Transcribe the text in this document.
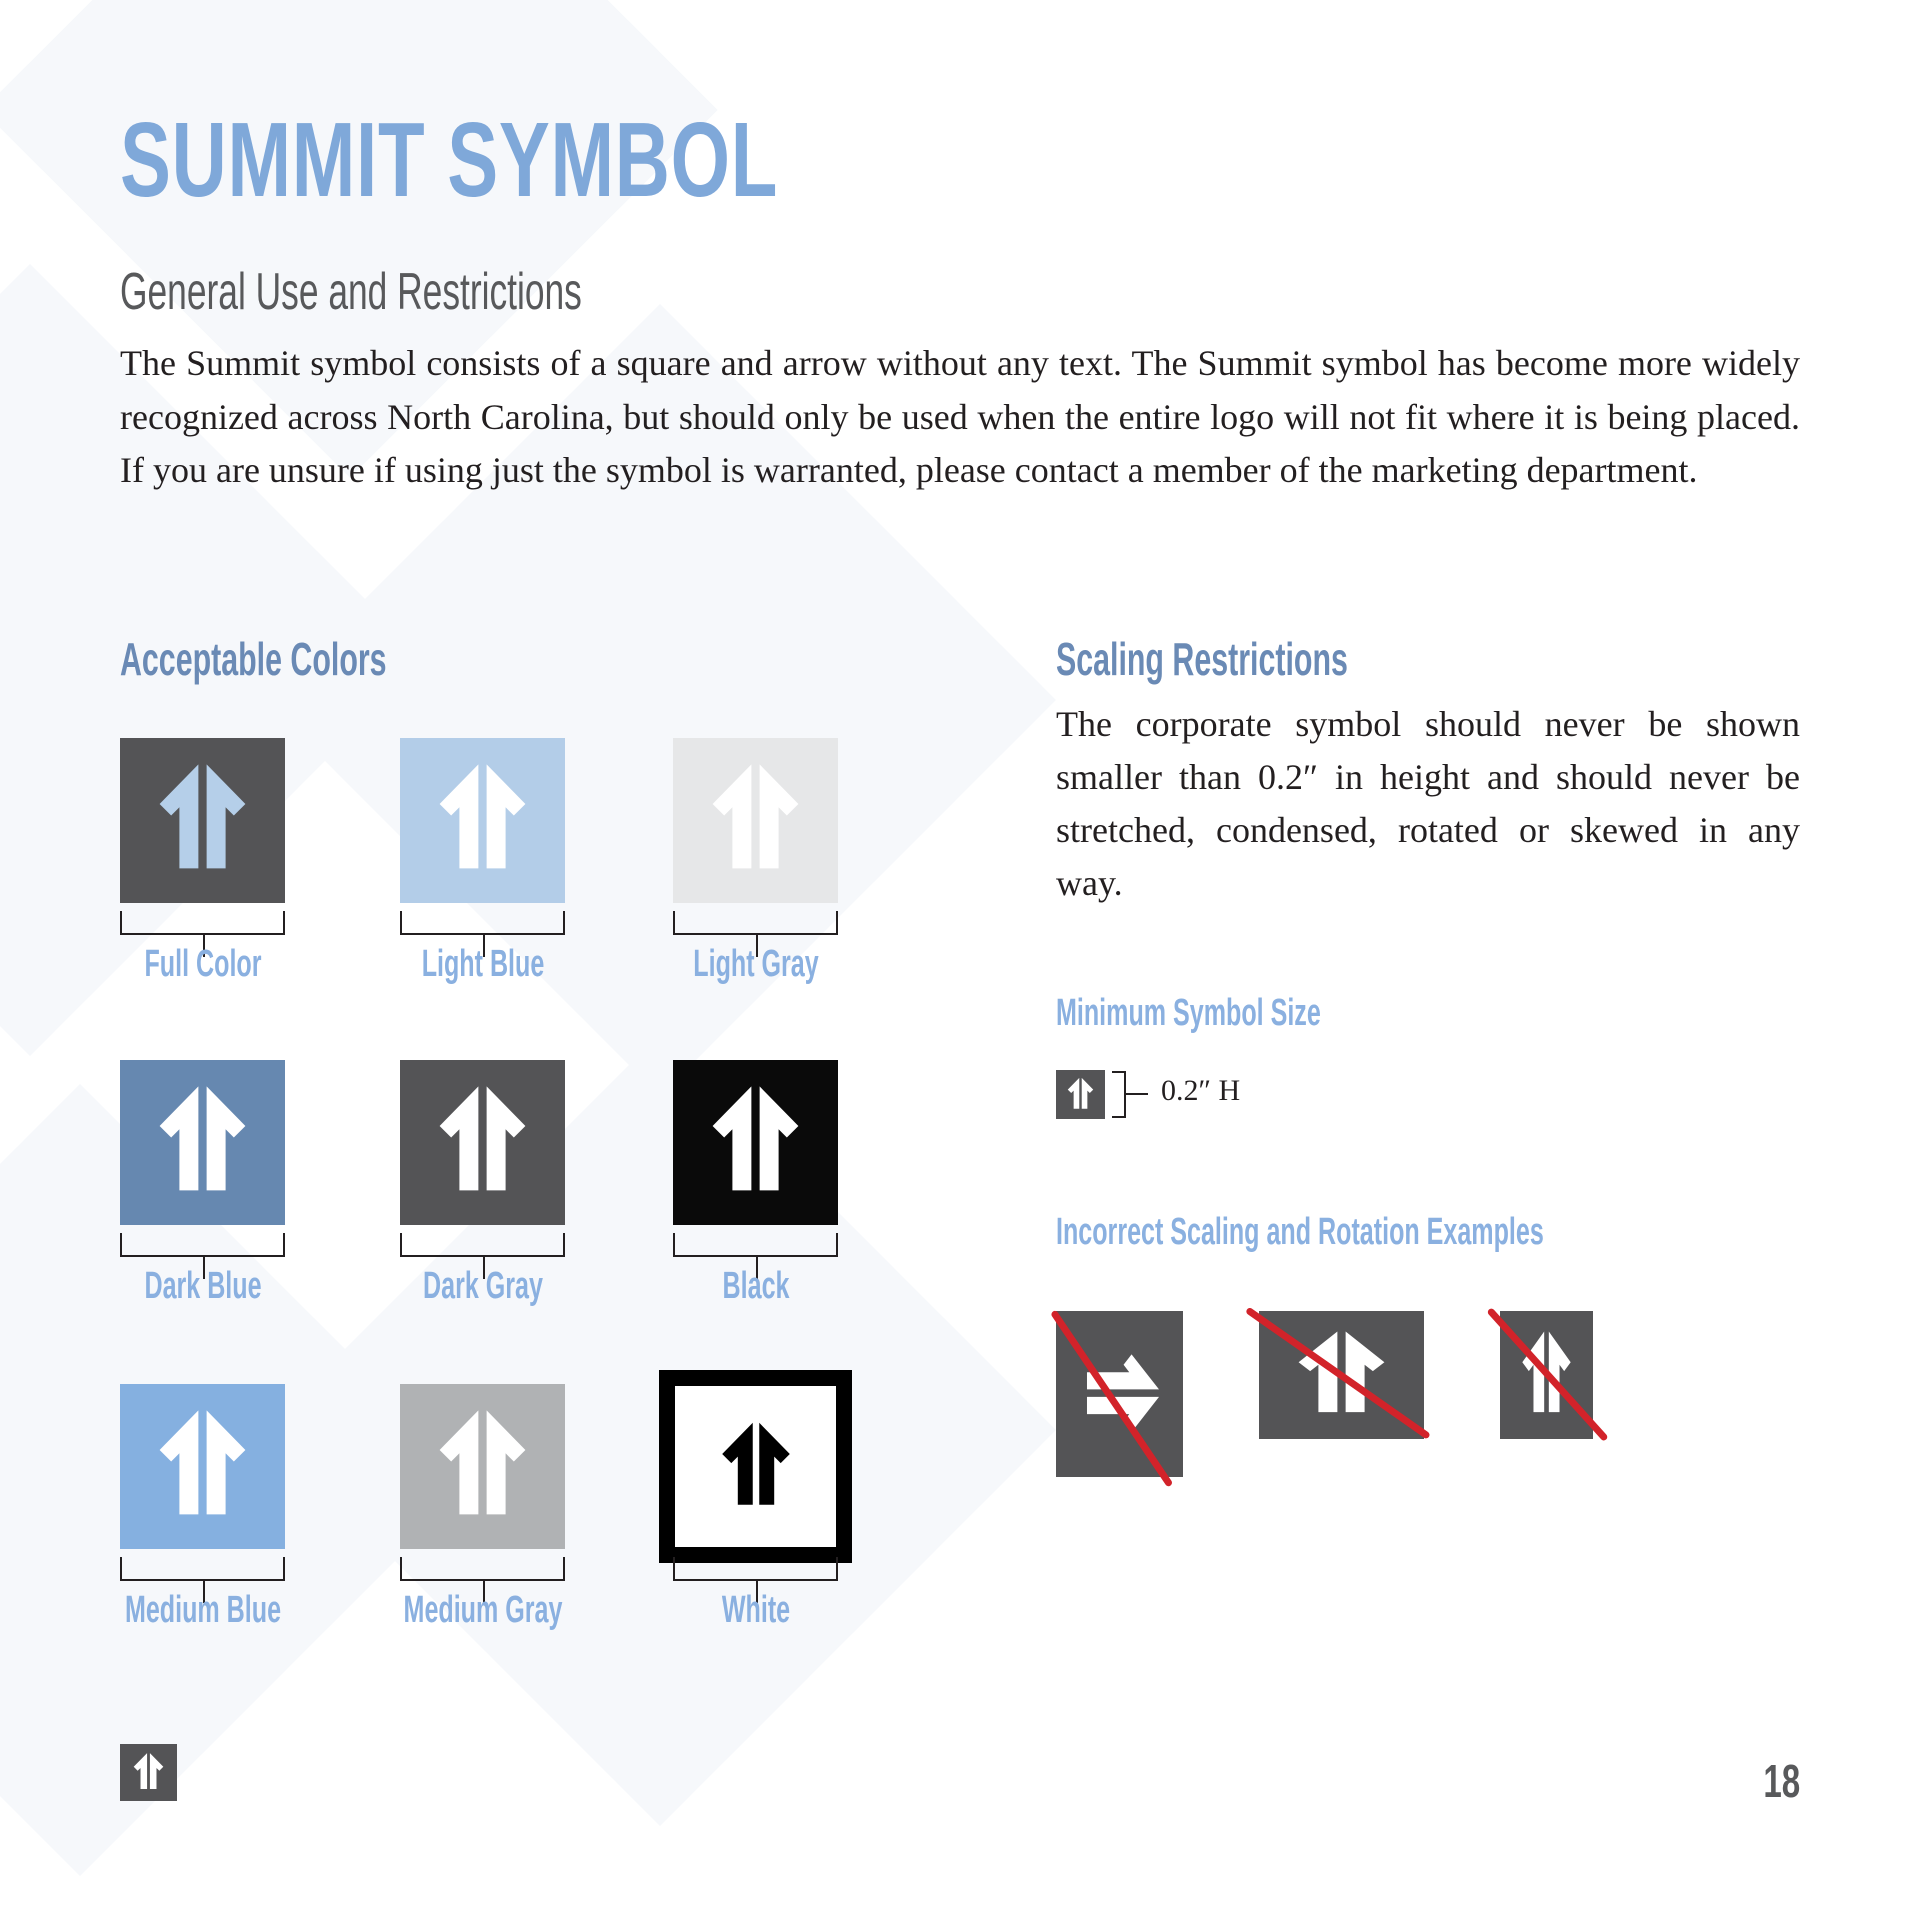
SUMMIT SYMBOL
General Use and Restrictions
The Summit symbol consists of a square and arrow without any text. The Summit symbol has become more widely recognized across North Carolina, but should only be used when the entire logo will not fit where it is being placed. If you are unsure if using just the symbol is warranted, please contact a member of the marketing department.
Acceptable Colors
Full Color	Light Blue	Light Gray
Dark Blue	Dark Gray	Black
Medium Blue	Medium Gray	White
Scaling Restrictions
The corporate symbol should never be shown smaller than 0.2″ in height and should never be stretched, condensed, rotated or skewed in any way.
Minimum Symbol Size
0.2″ H
Incorrect Scaling and Rotation Examples
18
